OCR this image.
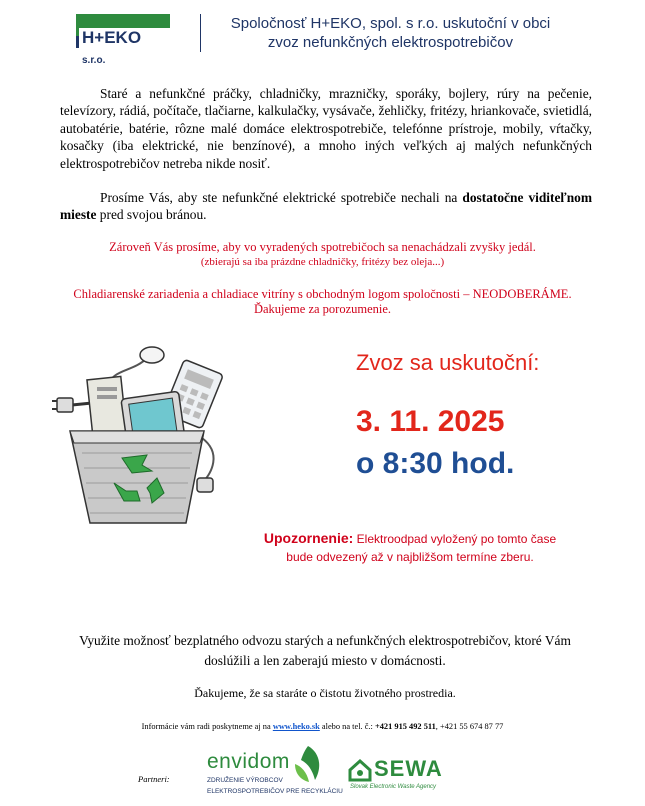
H+EKO s.r.o.
Spoločnosť H+EKO, spol. s r.o. uskutoční v obci
zvoz nefunkčných elektrospotrebičov
Staré a nefunkčné práčky, chladničky, mrazničky, sporáky, bojlery, rúry na pečenie, televízory, rádiá, počítače, tlačiarne, kalkulačky, vysávače, žehličky, fritézy, hriankovače, svietidlá, autobatérie, batérie, rôzne malé domáce elektrospotrebiče, telefónne prístroje, mobily, vŕtačky, kosačky (iba elektrické, nie benzínové), a mnoho iných veľkých aj malých nefunkčných elektrospotrebičov netreba nikde nosiť.
Prosíme Vás, aby ste nefunkčné elektrické spotrebiče nechali na dostatočne viditeľnom mieste pred svojou bránou.
Zároveň Vás prosíme, aby vo vyradených spotrebičoch sa nenachádzali zvyšky jedál.
(zbierajú sa iba prázdne chladničky, fritézy bez oleja...)
Chladiarenské zariadenia a chladiace vitríny s obchodným logom spoločnosti – NEODOBERÁME.
Ďakujeme za porozumenie.
Zvoz sa uskutoční:
3. 11. 2025
o 8:30 hod.
Upozornenie: Elektroodpad vyložený po tomto čase
bude odvezený až v najbližšom termíne zberu.
Využite možnosť bezplatného odvozu starých a nefunkčných elektrospotrebičov, ktoré Vám doslúžili a len zaberajú miesto v domácnosti.
Ďakujeme, že sa staráte o čistotu životného prostredia.
Informácie vám radi poskytneme aj na www.heko.sk alebo na tel. č.: +421 915 492 511, +421 55 674 87 77
Partneri:
envidom
ZDRUŽENIE VÝROBCOV
ELEKTROSPOTREBIČOV PRE RECYKLÁCIU
SEWA
Slovak Electronic Waste Agency
